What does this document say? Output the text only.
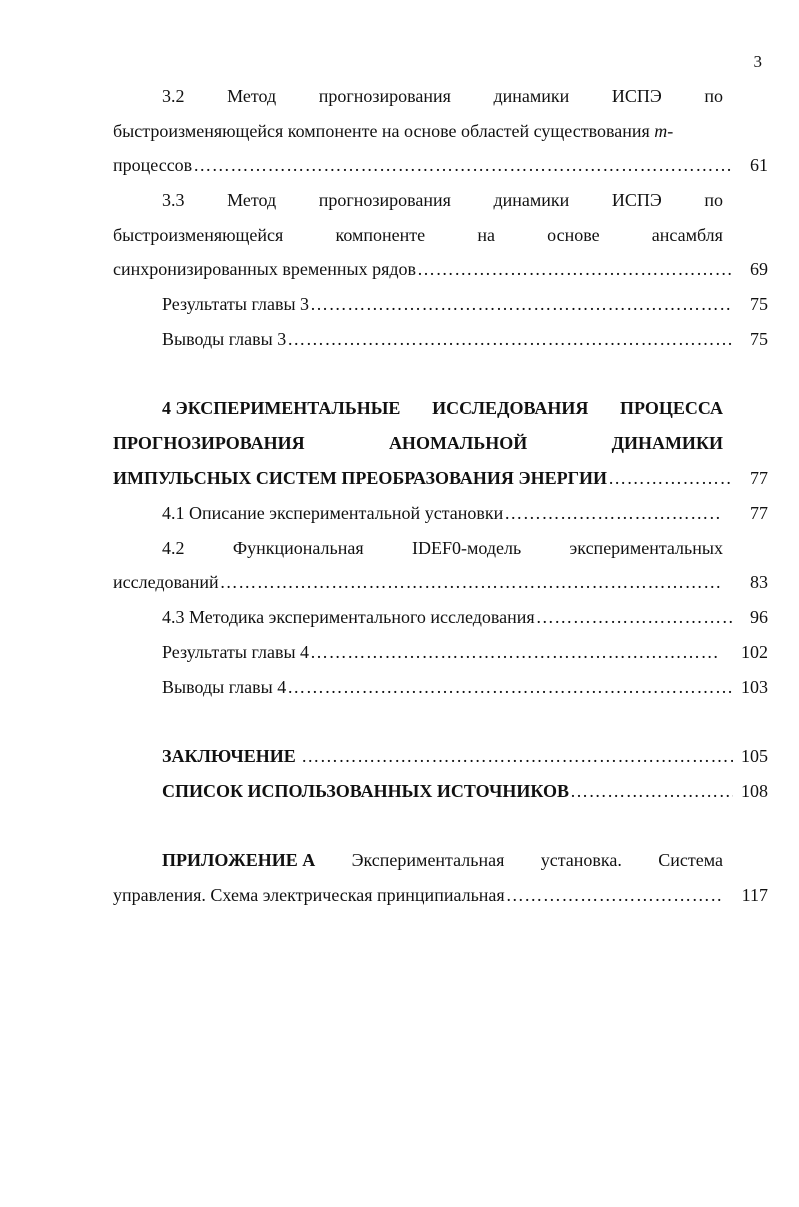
3
3.2 Метод прогнозирования динамики ИСПЭ по
быстроизменяющейся компоненте на основе областей существования m-
процессов ………………………………………………………………………………………………………………………………………………………………………………………………	61
3.3 Метод прогнозирования динамики ИСПЭ по
быстроизменяющейся	компоненте	на	основе	ансамбля
синхронизированных временных рядов ………………………………………………………………………………………………………………………………………………………………………………………………	69
Результаты главы 3 ………………………………………………………………………………………………………………………………………………………………………………………………	75
Выводы главы 3 ………………………………………………………………………………………………………………………………………………………………………………………………	75
4 ЭКСПЕРИМЕНТАЛЬНЫЕ ИССЛЕДОВАНИЯ ПРОЦЕССА
ПРОГНОЗИРОВАНИЯ	АНОМАЛЬНОЙ	ДИНАМИКИ
ИМПУЛЬСНЫХ СИСТЕМ ПРЕОБРАЗОВАНИЯ ЭНЕРГИИ ………………………………………………………………………………………………………………………………………………………………………………………………	77
4.1 Описание экспериментальной установки ………………………………………………………………………………………………………………………………………………………………………………………………	77
4.2	Функциональная	IDEF0-модель	экспериментальных
исследований ………………………………………………………………………………………………………………………………………………………………………………………………	83
4.3 Методика экспериментального исследования ………………………………………………………………………………………………………………………………………………………………………………………………	96
Результаты главы 4 ………………………………………………………………………………………………………………………………………………………………………………………………	102
Выводы главы 4 ………………………………………………………………………………………………………………………………………………………………………………………………	103
ЗАКЛЮЧЕНИЕ ………………………………………………………………………………………………………………………………………………………………………………………………	105
СПИСОК ИСПОЛЬЗОВАННЫХ ИСТОЧНИКОВ ………………………………………………………………………………………………………………………………………………………………………………………………	108
ПРИЛОЖЕНИЕ А Экспериментальная установка. Система
управления. Схема электрическая принципиальная ………………………………………………………………………………………………………………………………………………………………………………………………	117
